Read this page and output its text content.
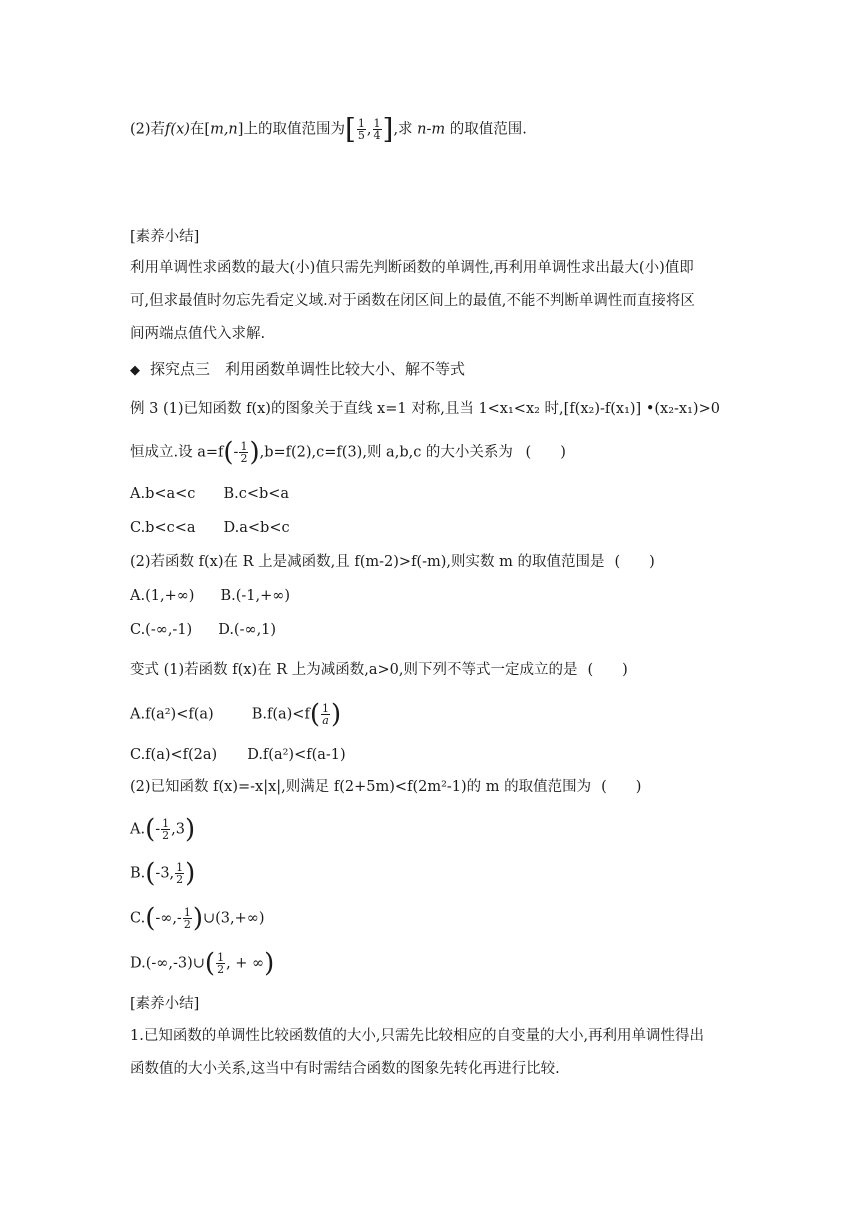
(2)若f(x)在[m,n]上的取值范围为[ $\frac{1}{5}$ , $\frac{1}{4}$ ],求 n-m 的取值范围.
[素养小结]
利用单调性求函数的最大(小)值只需先判断函数的单调性,再利用单调性求出最大(小)值即
可,但求最值时勿忘先看定义域.对于函数在闭区间上的最值,不能不判断单调性而直接将区
间两端点值代入求解.
◆ 探究点三　利用函数单调性比较大小、解不等式
例 3 (1)已知函数 f(x)的图象关于直线 x=1 对称,且当 1<x₁<x₂ 时,[f(x₂)-f(x₁)] •(x₂-x₁)>0
恒成立.设 $a=f(- \frac{1}{2} ),b=f(2),c=f(3)$,则 a,b,c 的大小关系为 (　　)
A.b<a<c B.c<b<a
C.b<c<a D.a<b<c
(2)若函数 f(x)在 R 上是减函数,且 f(m-2)>f(-m),则实数 m 的取值范围是 (　　)
A.(1,+∞) B.(-1,+∞)
C.(-∞,-1) D.(-∞,1)
变式 (1)若函数 f(x)在 R 上为减函数,a>0,则下列不等式一定成立的是 (　　)
A.f(a²)<f(a)	$B.f(a)<f( \frac{1}{a}$ )
C.f(a)<f(2a) D.f(a²)<f(a-1)
(2)已知函数 f(x)=-x|x|,则满足 f(2+5m)<f(2m²-1)的 m 的取值范围为 (　　)
$A.(- \frac{1}{2} ,3)$
B.(-3, $\frac{1}{2}$ )
$C.(-\infty,- \frac{1}{2}$ )∪(3,+∞)
D.(-∞,-3)∪( $\frac{1}{2}$ , + ∞)
[素养小结]
1.已知函数的单调性比较函数值的大小,只需先比较相应的自变量的大小,再利用单调性得出
函数值的大小关系,这当中有时需结合函数的图象先转化再进行比较.
